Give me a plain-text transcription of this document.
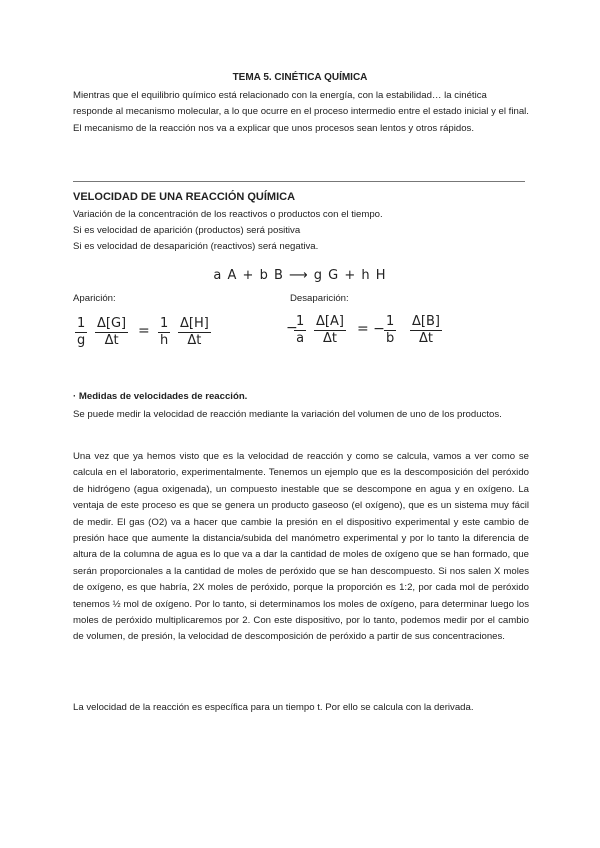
TEMA 5. CINÉTICA QUÍMICA
Mientras que el equilibrio químico está relacionado con la energía, con la estabilidad… la cinética responde al mecanismo molecular, a lo que ocurre en el proceso intermedio entre el estado inicial y el final. El mecanismo de la reacción nos va a explicar que unos procesos sean lentos y otros rápidos.
VELOCIDAD DE UNA REACCIÓN QUÍMICA
Variación de la concentración de los reactivos o productos con el tiempo.
Si es velocidad de aparición (productos) será positiva
Si es velocidad de desaparición (reactivos) será negativa.
a A + b B ⟶ g G + h H
Aparición:
$\frac{1}{g} \frac{\Delta[G]}{\Delta t} = \frac{1}{h} \frac{\Delta[H]}{\Delta t}$
Desaparición:
−
$\frac{1}{a} \frac{\Delta[A]}{\Delta t}$ = − $\frac{1}{b} \frac{\Delta[B]}{\Delta t}$
· Medidas de velocidades de reacción.
Se puede medir la velocidad de reacción mediante la variación del volumen de uno de los productos.
Una vez que ya hemos visto que es la velocidad de reacción y como se calcula, vamos a ver como se calcula en el laboratorio, experimentalmente. Tenemos un ejemplo que es la descomposición del peróxido de hidrógeno (agua oxigenada), un compuesto inestable que se descompone en agua y en oxígeno. La ventaja de este proceso es que se genera un producto gaseoso (el oxígeno), que es un sistema muy fácil de medir. El gas (O2) va a hacer que cambie la presión en el dispositivo experimental y este cambio de presión hace que aumente la distancia/subida del manómetro experimental y por lo tanto la diferencia de altura de la columna de agua es lo que va a dar la cantidad de moles de oxígeno que se han formado, que serán proporcionales a la cantidad de moles de peróxido que se han descompuesto. Si nos salen X moles de oxígeno, es que habría, 2X moles de peróxido, porque la proporción es 1:2, por cada mol de peróxido tenemos ½ mol de oxígeno. Por lo tanto, si determinamos los moles de oxígeno, para determinar luego los moles de peróxido multiplicaremos por 2. Con este dispositivo, por lo tanto, podemos medir por el cambio de volumen, de presión, la velocidad de descomposición de peróxido a partir de sus concentraciones.
La velocidad de la reacción es específica para un tiempo t. Por ello se calcula con la derivada.
